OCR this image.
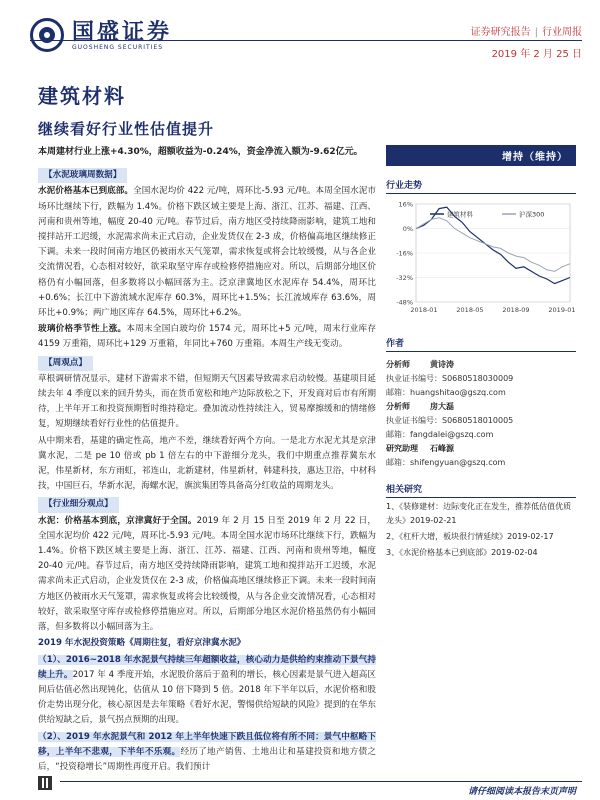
国盛证券
GUOSHENG SECURITIES
证券研究报告 | 行业周报
2019 年 2 月 25 日
建筑材料
继续看好行业性估值提升

本周建材行业上涨+4.30%，超额收益为-0.24%，资金净流入额为-9.62亿元。

【水泥玻璃周数据】

水泥价格基本已到底部。全国水泥均价 422 元/吨，周环比-5.93 元/吨。本周全国水泥市场环比继续下行，跌幅为 1.4%。价格下跌区域主要是上海、浙江、江苏、福建、江西、河南和贵州等地，幅度 20-40 元/吨。春节过后，南方地区受持续降雨影响，建筑工地和搅拌站开工迟缓，水泥需求尚未正式启动，企业发货仅在 2-3 成，价格偏高地区继续修正下调。未来一段时间南方地区仍被雨水天气笼罩，需求恢复或将会比较缓慢，从与各企业交流情况看，心态相对较好，欲采取坚守库存或检修停措施应对。所以，后期部分地区价格仍有小幅回落，但多数将以小幅回落为主。泛京津冀地区水泥库存 54.4%，周环比+0.6%；长江中下游流域水泥库存 60.3%，周环比+1.5%；长江流域库存 63.6%，周环比+0.9%；两广地区库存 64.5%，周环比+6.2%。

玻璃价格季节性上涨。本周末全国白玻均价 1574 元，周环比+5 元/吨，周末行业库存 4159 万重箱，周环比+129 万重箱，年同比+760 万重箱。本周生产线无变动。

【周观点】

草根调研情况显示，建材下游需求不错，但短期天气因素导致需求启动较慢。基建项目延续去年 4 季度以来的回升势头，而在货币宽松和地产边际放松之下，开发商对后市有所期待，上半年开工和投资预期暂时维持稳定。叠加流动性持续注入，贸易摩擦缓和的情绪修复，短期继续看好行业性的估值提升。

从中期来看，基建的确定性高，地产不差，继续看好两个方向。一是北方水泥尤其是京津冀水泥，二是 pe 10 倍或 pb 1 倍左右的中下游细分龙头，我们中期重点推荐冀东水泥，伟星新材，东方雨虹，祁连山，北新建材，伟星新材，韩建科技，惠达卫浴，中材科技，中国巨石，华新水泥，海螺水泥，旗滨集团等具备高分红收益的周期龙头。

【行业细分观点】

水泥：价格基本到底，京津冀好于全国。2019 年 2 月 15 日至 2019 年 2 月 22 日，全国水泥均价 422 元/吨，周环比-5.93 元/吨。本周全国水泥市场环比继续下行，跌幅为 1.4%。价格下跌区域主要是上海、浙江、江苏、福建、江西、河南和贵州等地，幅度 20-40 元/吨。春节过后，南方地区受持续降雨影响，建筑工地和搅拌站开工迟缓，水泥需求尚未正式启动，企业发货仅在 2-3 成，价格偏高地区继续修正下调。未来一段时间南方地区仍被雨水天气笼罩，需求恢复或将会比较缓慢，从与各企业交流情况看，心态相对较好，欲采取坚守库存或检修停措施应对。所以，后期部分地区水泥价格虽然仍有小幅回落，但多数将以小幅回落为主。

2019 年水泥投资策略《周期往复，看好京津冀水泥》

（1）、2016~2018 年水泥景气持续三年超额收益，核心动力是供给约束推动下景气持续上升。2017 年 4 季度开始，水泥股价落后于盈利的增长，核心因素是景气进入超高区间后估值必然出现钝化，估值从 10 倍下降到 5 倍。2018 年下半年以后，水泥价格和股价走势出现分化，核心原因是去年策略《看好水泥，警惕供给短缺的风险》提到的在华东供给短缺之后，景气拐点预期的出现。

（2）、2019 年水泥景气和 2012 年上半年快速下跌且低位将有所不同：景气中枢略下移，上半年不悲观，下半年不乐观。经历了地产销售、土地出让和基建投资和地方债之后，“投资稳增长”周期性再度开启。我们预计

增持（维持）
行业走势
16%
0%
-16%
-32%
-48%
2018-01	2018-05	2018-09	2019-01
建筑材料	沪深300
作者
分析师	黄诗涛
执业证书编号：S0680518030009
邮箱：huangshitao@gszq.com
分析师	房大磊
执业证书编号：S0680518010005
邮箱：fangdalei@gszq.com
研究助理	石峰源
邮箱：shifengyuan@gszq.com
相关研究
1、《装修建材：边际变化正在发生，推荐低估值优质龙头》2019-02-21
2、《杠杆大增，板块很行情延续》2019-02-17
3、《水泥价格基本已到底部》2019-02-04
请仔细阅读本报告末页声明
